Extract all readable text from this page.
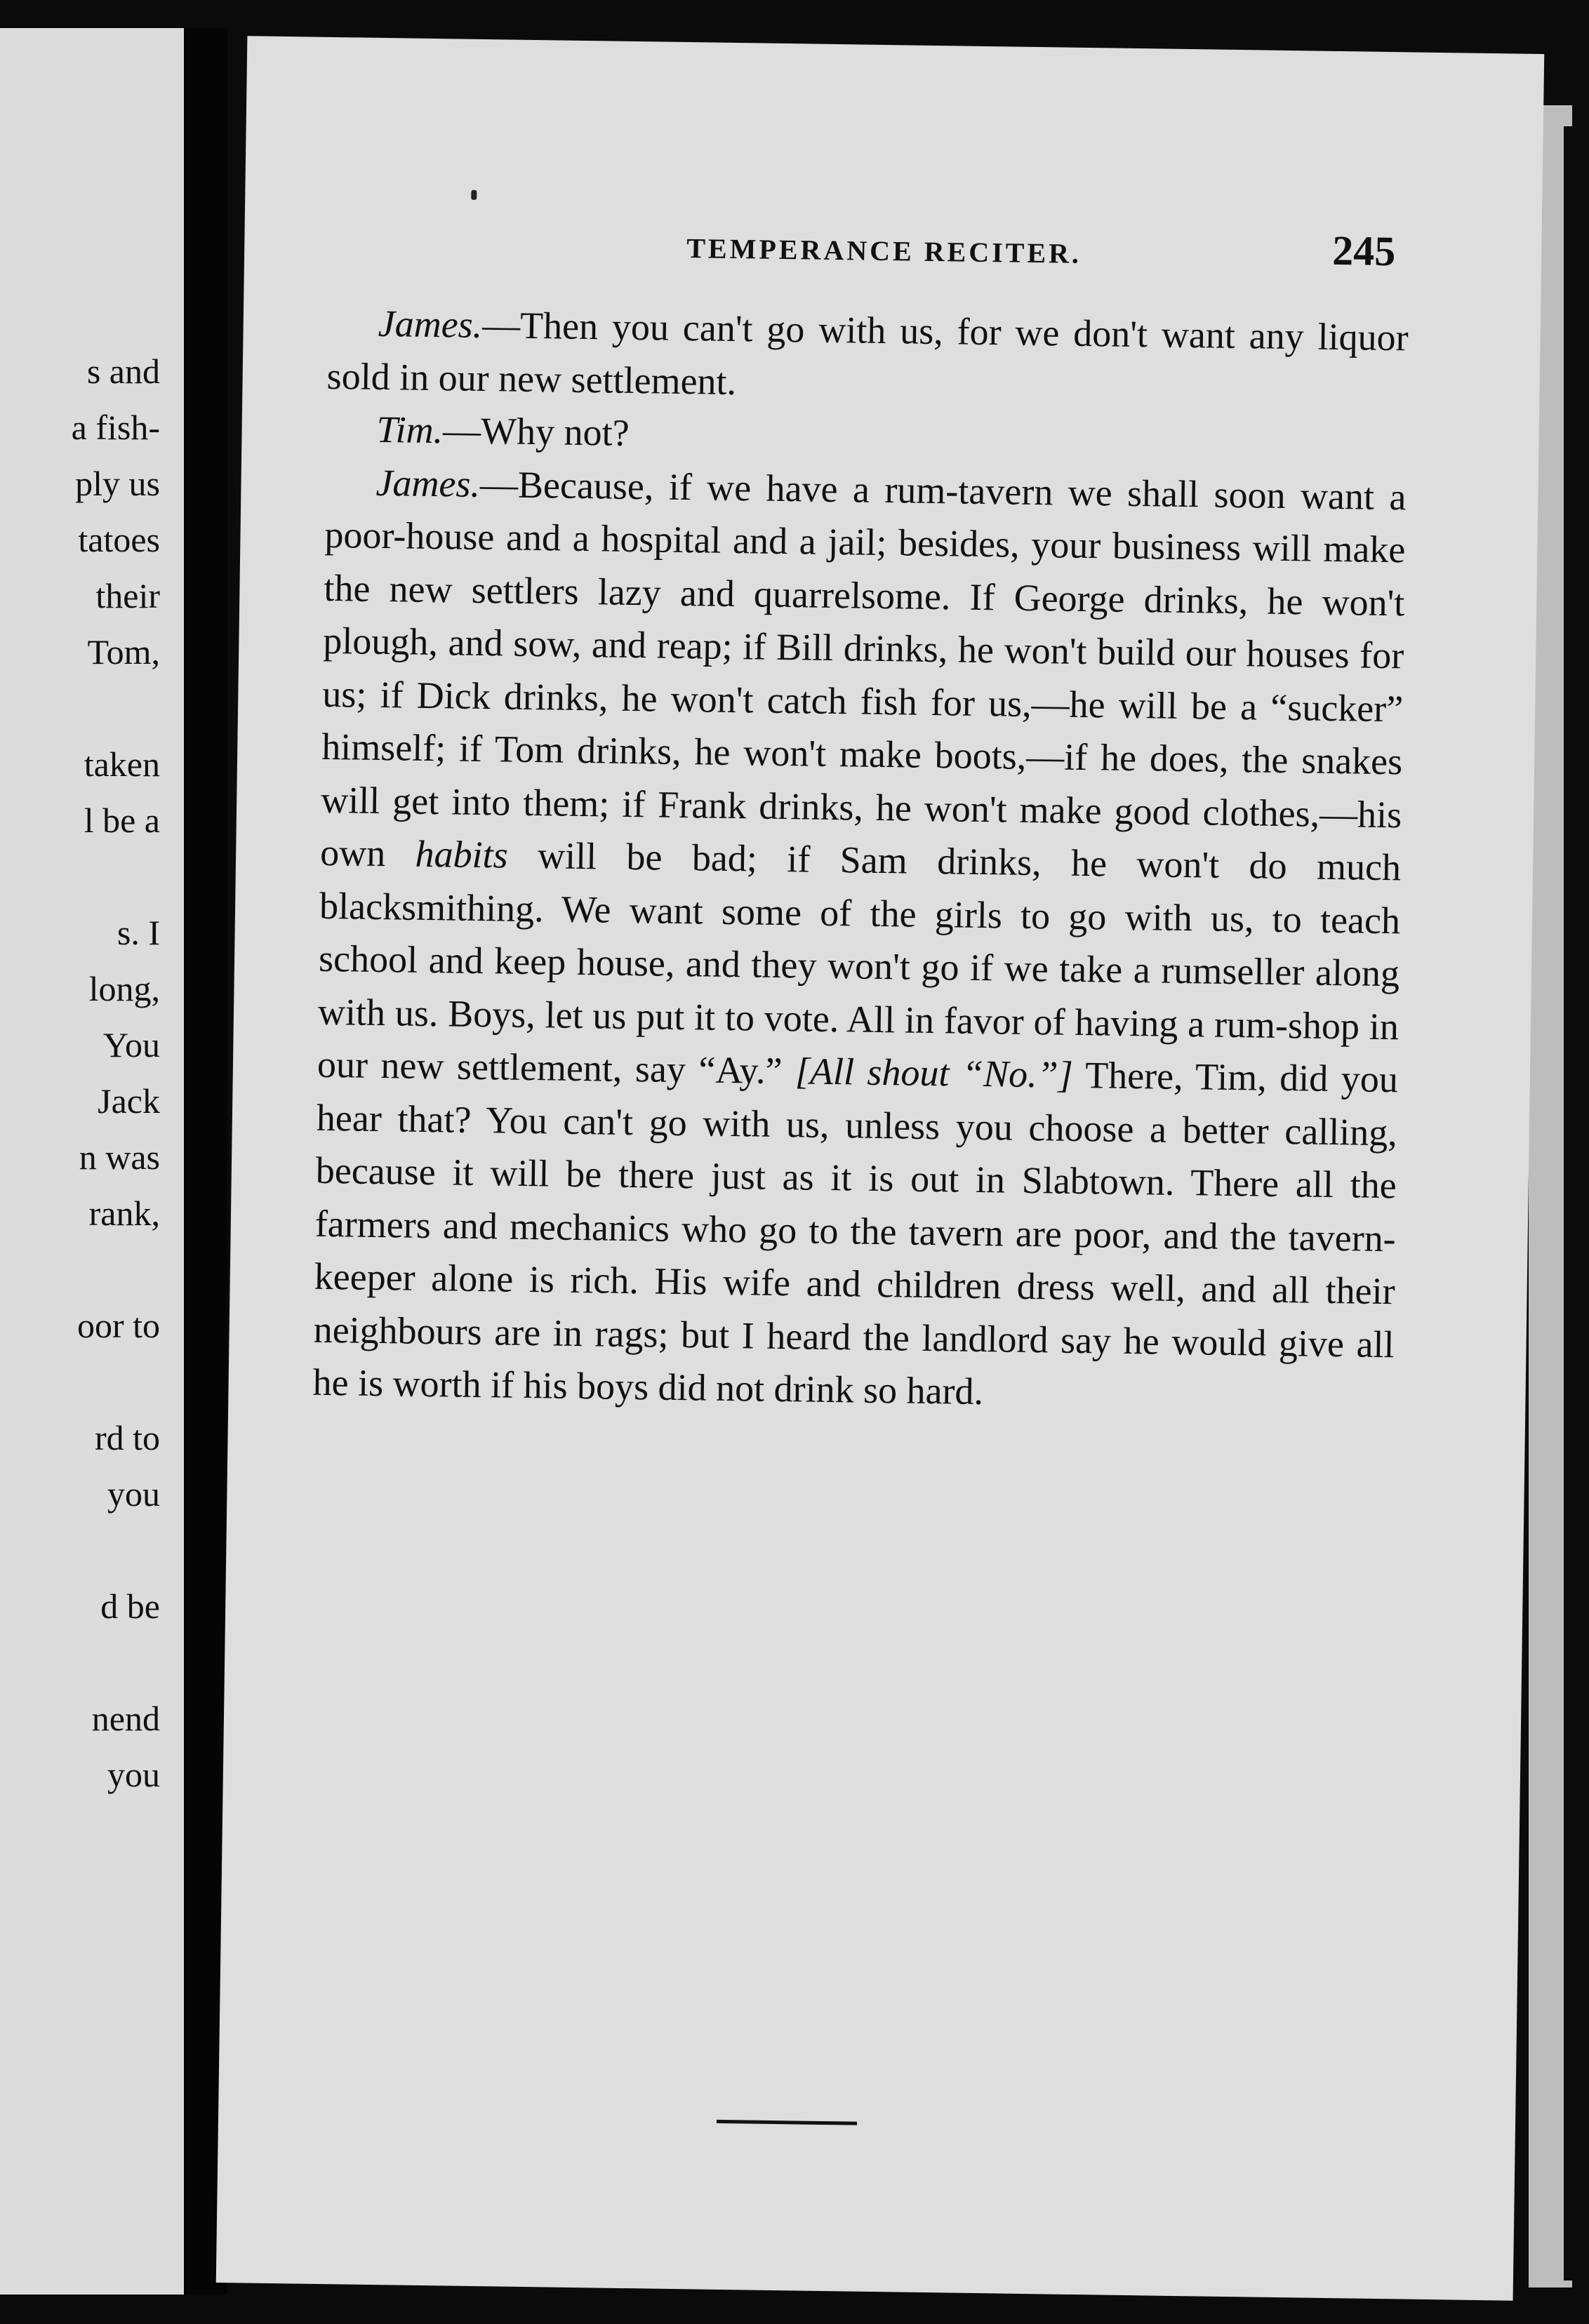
s and
a fish-
ply us
tatoes
their
Tom,
taken
l be a
s. I
long,
You
Jack
n was
rank,
oor to
rd to
you
d be
nend
you
TEMPERANCE RECITER.	245

James.—Then you can't go with us, for we don't want any liquor sold in our new settlement.

Tim.—Why not?

James.—Because, if we have a rum-tavern we shall soon want a poor-house and a hospital and a jail; besides, your business will make the new settlers lazy and quarrelsome. If George drinks, he won't plough, and sow, and reap; if Bill drinks, he won't build our houses for us; if Dick drinks, he won't catch fish for us,—he will be a “sucker” himself; if Tom drinks, he won't make boots,—if he does, the snakes will get into them; if Frank drinks, he won't make good clothes,—his own habits will be bad; if Sam drinks, he won't do much blacksmithing. We want some of the girls to go with us, to teach school and keep house, and they won't go if we take a rumseller along with us. Boys, let us put it to vote. All in favor of having a rum-shop in our new settlement, say “Ay.” [All shout “No.”] There, Tim, did you hear that? You can't go with us, unless you choose a better calling, because it will be there just as it is out in Slabtown. There all the farmers and mechanics who go to the tavern are poor, and the tavern-keeper alone is rich. His wife and children dress well, and all their neighbours are in rags; but I heard the landlord say he would give all he is worth if his boys did not drink so hard.
